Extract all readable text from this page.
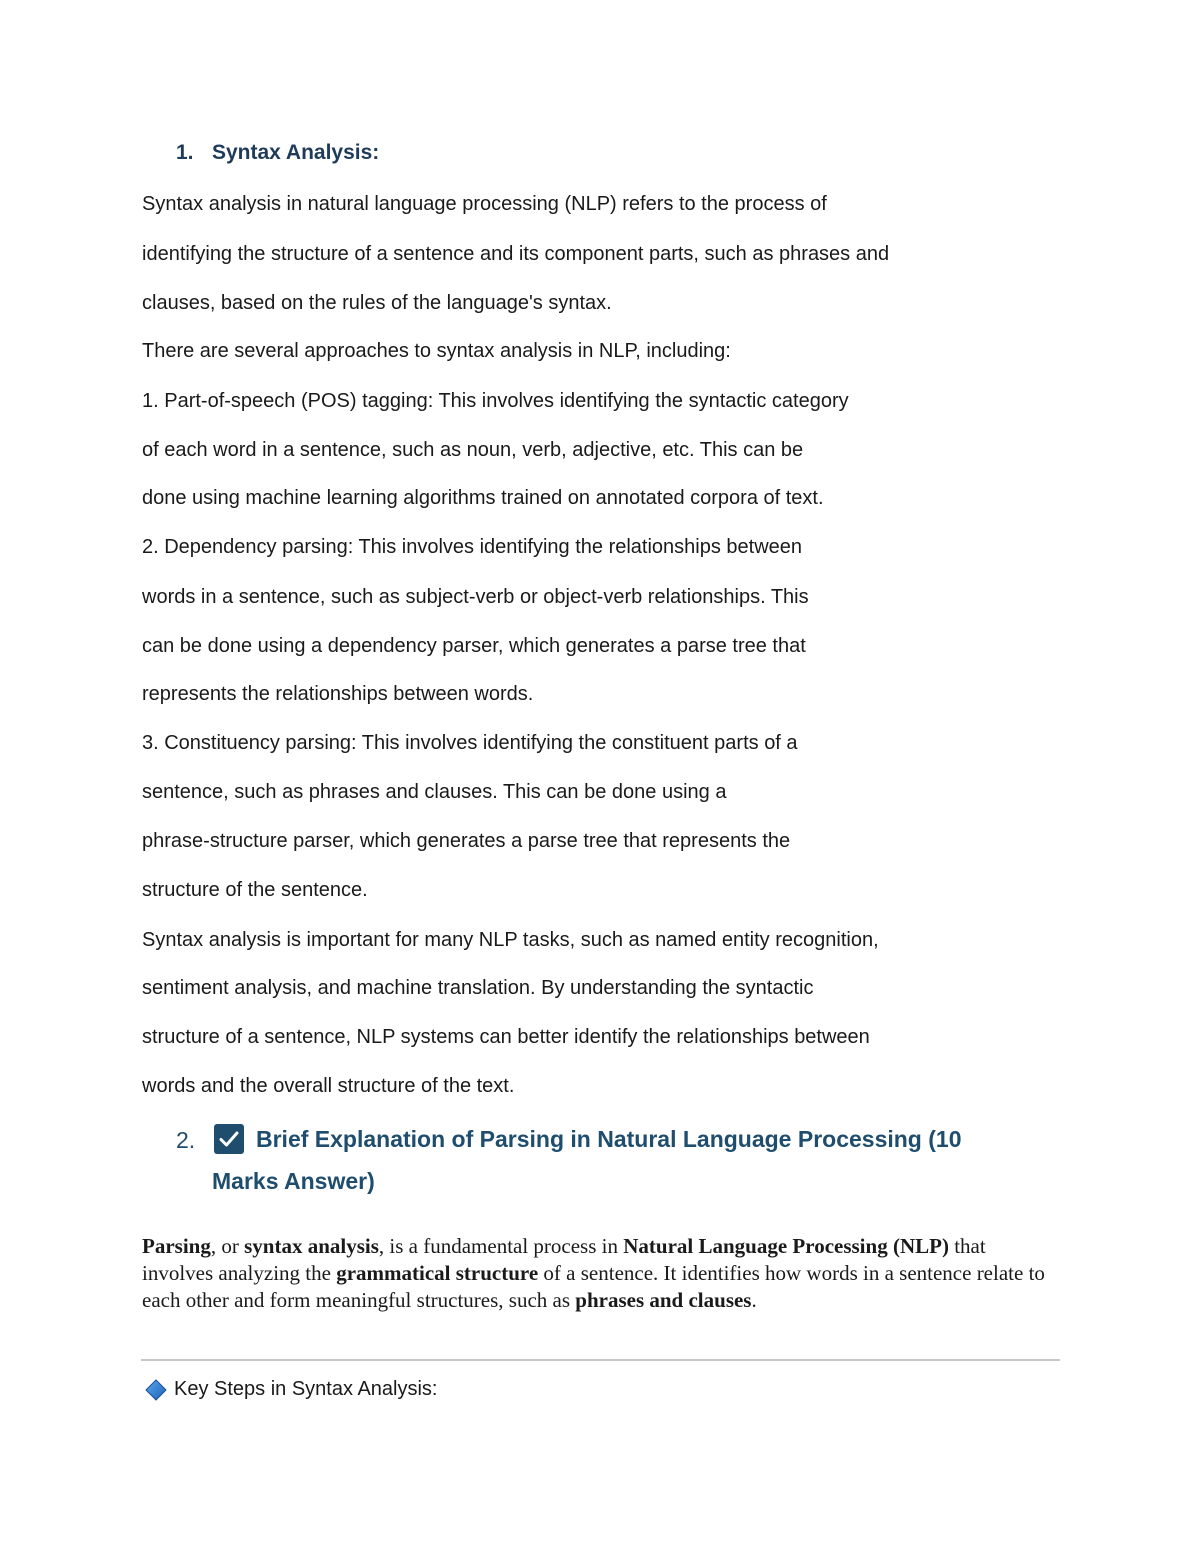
1. Syntax Analysis:
Syntax analysis in natural language processing (NLP) refers to the process of
identifying the structure of a sentence and its component parts, such as phrases and
clauses, based on the rules of the language's syntax.
There are several approaches to syntax analysis in NLP, including:
1. Part-of-speech (POS) tagging: This involves identifying the syntactic category
of each word in a sentence, such as noun, verb, adjective, etc. This can be
done using machine learning algorithms trained on annotated corpora of text.
2. Dependency parsing: This involves identifying the relationships between
words in a sentence, such as subject-verb or object-verb relationships. This
can be done using a dependency parser, which generates a parse tree that
represents the relationships between words.
3. Constituency parsing: This involves identifying the constituent parts of a
sentence, such as phrases and clauses. This can be done using a
phrase-structure parser, which generates a parse tree that represents the
structure of the sentence.
Syntax analysis is important for many NLP tasks, such as named entity recognition,
sentiment analysis, and machine translation. By understanding the syntactic
structure of a sentence, NLP systems can better identify the relationships between
words and the overall structure of the text.
2.	Brief Explanation of Parsing in Natural Language Processing (10
Marks Answer)
Parsing, or syntax analysis, is a fundamental process in Natural Language Processing (NLP) that involves analyzing the grammatical structure of a sentence. It identifies how words in a sentence relate to each other and form meaningful structures, such as phrases and clauses.
Key Steps in Syntax Analysis:
